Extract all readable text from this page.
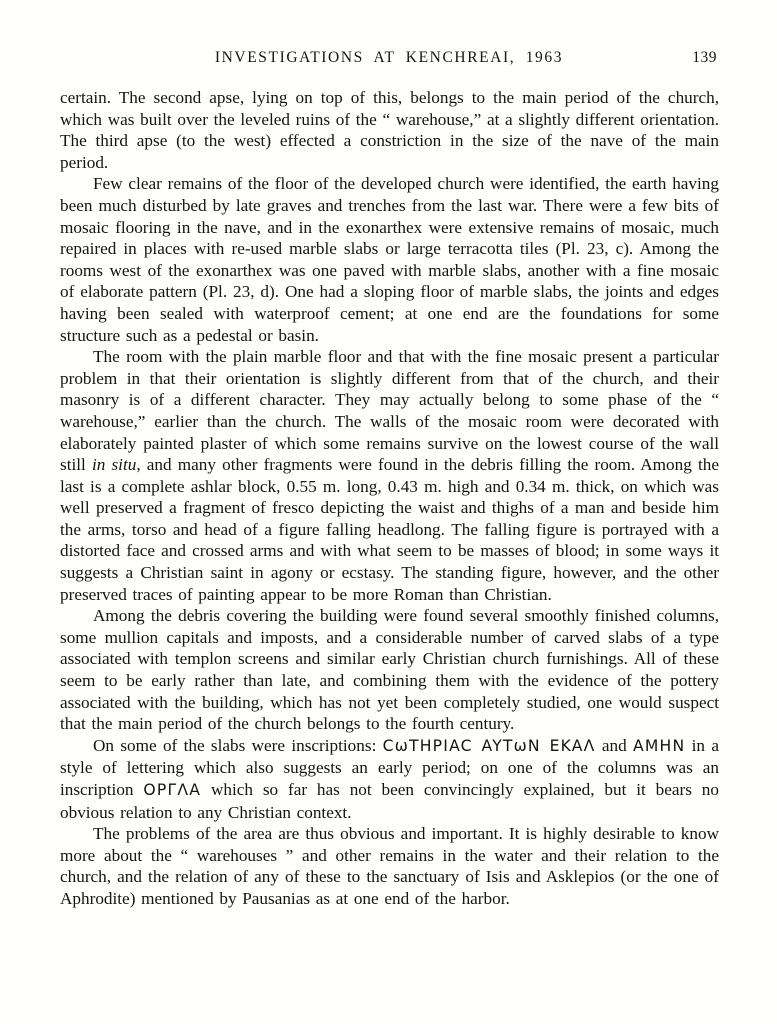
INVESTIGATIONS AT KENCHREAI, 1963	139

certain. The second apse, lying on top of this, belongs to the main period of the church, which was built over the leveled ruins of the “ warehouse,” at a slightly different orientation. The third apse (to the west) effected a constriction in the size of the nave of the main period.

Few clear remains of the floor of the developed church were identified, the earth having been much disturbed by late graves and trenches from the last war. There were a few bits of mosaic flooring in the nave, and in the exonarthex were extensive remains of mosaic, much repaired in places with re-used marble slabs or large terracotta tiles (Pl. 23, c). Among the rooms west of the exonarthex was one paved with marble slabs, another with a fine mosaic of elaborate pattern (Pl. 23, d). One had a sloping floor of marble slabs, the joints and edges having been sealed with waterproof cement; at one end are the foundations for some structure such as a pedestal or basin.

The room with the plain marble floor and that with the fine mosaic present a particular problem in that their orientation is slightly different from that of the church, and their masonry is of a different character. They may actually belong to some phase of the “ warehouse,” earlier than the church. The walls of the mosaic room were decorated with elaborately painted plaster of which some remains survive on the lowest course of the wall still in situ, and many other fragments were found in the debris filling the room. Among the last is a complete ashlar block, 0.55 m. long, 0.43 m. high and 0.34 m. thick, on which was well preserved a fragment of fresco depicting the waist and thighs of a man and beside him the arms, torso and head of a figure falling headlong. The falling figure is portrayed with a distorted face and crossed arms and with what seem to be masses of blood; in some ways it suggests a Christian saint in agony or ecstasy. The standing figure, however, and the other preserved traces of painting appear to be more Roman than Christian.

Among the debris covering the building were found several smoothly finished columns, some mullion capitals and imposts, and a considerable number of carved slabs of a type associated with templon screens and similar early Christian church furnishings. All of these seem to be early rather than late, and combining them with the evidence of the pottery associated with the building, which has not yet been completely studied, one would suspect that the main period of the church belongs to the fourth century.

On some of the slabs were inscriptions: CωTHPIAC AYTωN EKAΛ and AMHN in a style of lettering which also suggests an early period; on one of the columns was an inscription OPΓΛA which so far has not been convincingly explained, but it bears no obvious relation to any Christian context.

The problems of the area are thus obvious and important. It is highly desirable to know more about the “ warehouses ” and other remains in the water and their relation to the church, and the relation of any of these to the sanctuary of Isis and Asklepios (or the one of Aphrodite) mentioned by Pausanias as at one end of the harbor.
